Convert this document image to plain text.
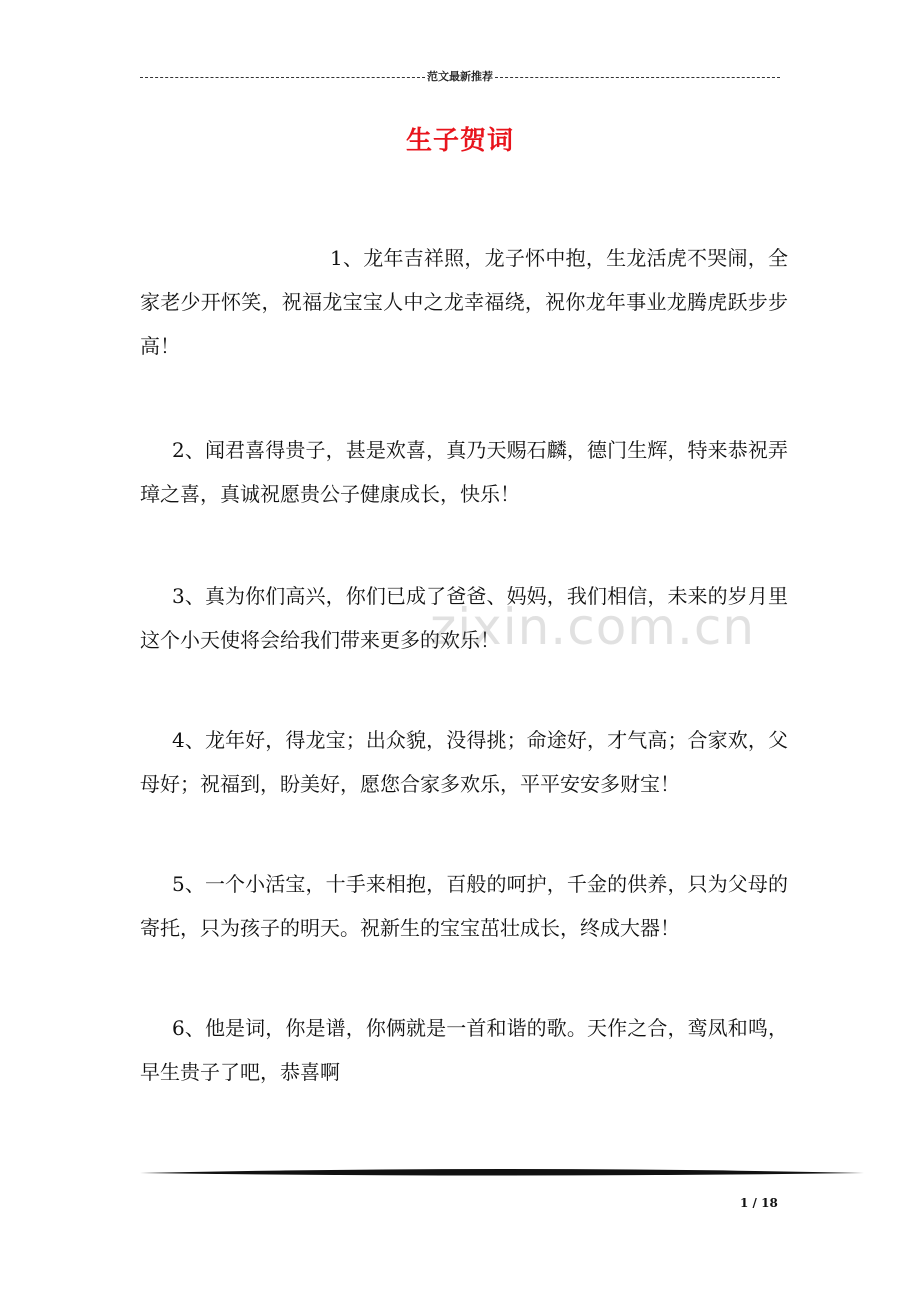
范文最新推荐
生子贺词

1、龙年吉祥照，龙子怀中抱，生龙活虎不哭闹，全家老少开怀笑，祝福龙宝宝人中之龙幸福绕，祝你龙年事业龙腾虎跃步步高！

2、闻君喜得贵子，甚是欢喜，真乃天赐石麟，德门生辉，特来恭祝弄璋之喜，真诚祝愿贵公子健康成长，快乐！

3、真为你们高兴，你们已成了爸爸、妈妈，我们相信，未来的岁月里这个小天使将会给我们带来更多的欢乐！

4、龙年好，得龙宝；出众貌，没得挑；命途好，才气高；合家欢，父母好；祝福到，盼美好，愿您合家多欢乐，平平安安多财宝！

5、一个小活宝，十手来相抱，百般的呵护，千金的供养，只为父母的寄托，只为孩子的明天。祝新生的宝宝茁壮成长，终成大器！

6、他是词，你是谱，你俩就是一首和谐的歌。天作之合，鸾凤和鸣，早生贵子了吧，恭喜啊

zixin.com.cn
1 / 18
